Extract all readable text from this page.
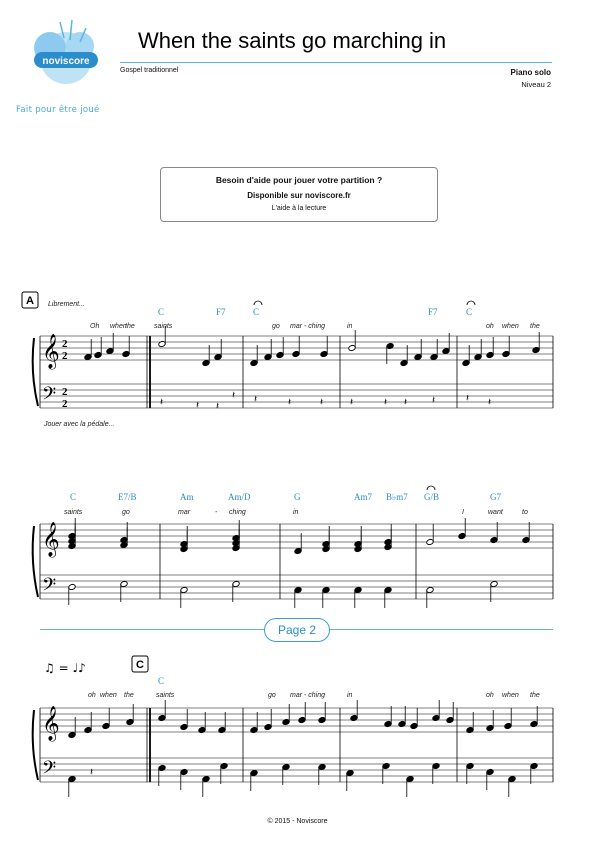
noviscore
Fait pour être joué
When the saints go marching in
Gospel traditionnel	Piano solo
Niveau 2
Besoin d'aide pour jouer votre partition ?
Disponible sur noviscore.fr
L'aide à la lecture
A Librement...
C	F7	C	F7	C
Oh when
the	saints	go mar - ching	in	oh when the
𝄞
𝄢
2
2
2
2
Jouer avec la pédale...
𝄽	𝄽 𝄽
𝄽 𝄽	𝄽	𝄽	𝄽	𝄽 𝄽 𝄽	𝄽 𝄽
C	E7/B	Am	Am/D	G	Am7 B♭m7 G/B	G7
saints	go	mar	- ching	in	I	want	to
𝄞
𝄢
♫ = ♩♪	C
C
oh when the	saints	go mar - ching	in	oh when the
𝄞
𝄢	𝄽
Page 2
© 2015 - Noviscore
